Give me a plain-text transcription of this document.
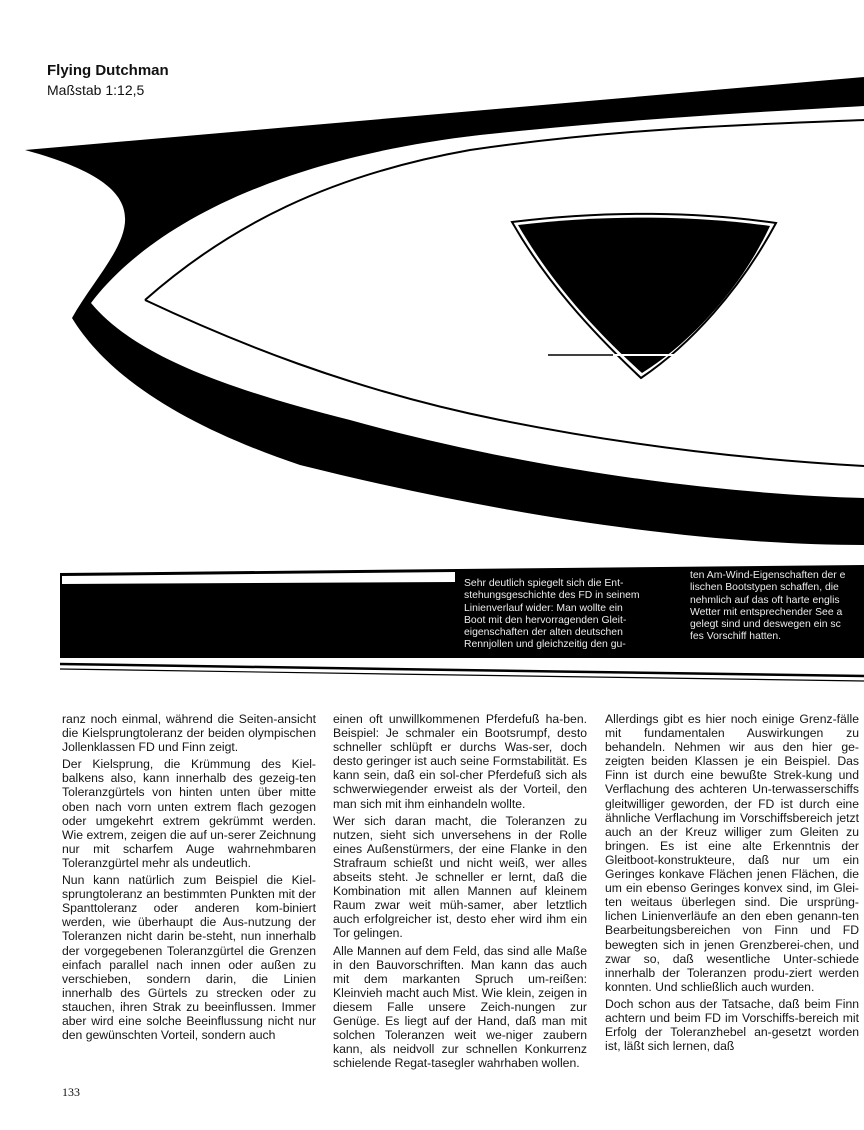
Flying Dutchman
Maßstab 1:12,5
Sehr deutlich spiegelt sich die Ent-
stehungsgeschichte des FD in seinem
Linienverlauf wider: Man wollte ein
Boot mit den hervorragenden Gleit-
eigenschaften der alten deutschen
Rennjollen und gleichzeitig den gu-
ten Am-Wind-Eigenschaften der e
lischen Bootstypen schaffen, die
nehmlich auf das oft harte englis
Wetter mit entsprechender See a
gelegt sind und deswegen ein sc
fes Vorschiff hatten.

ranz noch einmal, während die Seiten-ansicht die Kielsprungtoleranz der beiden olympischen Jollenklassen FD und Finn zeigt.

Der Kielsprung, die Krümmung des Kiel-balkens also, kann innerhalb des gezeig-ten Toleranzgürtels von hinten unten über mitte oben nach vorn unten extrem flach gezogen oder umgekehrt extrem gekrümmt werden. Wie extrem, zeigen die auf un-serer Zeichnung nur mit scharfem Auge wahrnehmbaren Toleranzgürtel mehr als undeutlich.

Nun kann natürlich zum Beispiel die Kiel-sprungtoleranz an bestimmten Punkten mit der Spanttoleranz oder anderen kom-biniert werden, wie überhaupt die Aus-nutzung der Toleranzen nicht darin be-steht, nun innerhalb der vorgegebenen Toleranzgürtel die Grenzen einfach parallel nach innen oder außen zu verschieben, sondern darin, die Linien innerhalb des Gürtels zu strecken oder zu stauchen, ihren Strak zu beeinflussen. Immer aber wird eine solche Beeinflussung nicht nur den gewünschten Vorteil, sondern auch

einen oft unwillkommenen Pferdefuß ha-ben. Beispiel: Je schmaler ein Bootsrumpf, desto schneller schlüpft er durchs Was-ser, doch desto geringer ist auch seine Formstabilität. Es kann sein, daß ein sol-cher Pferdefuß sich als schwerwiegender erweist als der Vorteil, den man sich mit ihm einhandeln wollte.

Wer sich daran macht, die Toleranzen zu nutzen, sieht sich unversehens in der Rolle eines Außenstürmers, der eine Flanke in den Strafraum schießt und nicht weiß, wer alles abseits steht. Je schneller er lernt, daß die Kombination mit allen Mannen auf kleinem Raum zwar weit müh-samer, aber letztlich auch erfolgreicher ist, desto eher wird ihm ein Tor gelingen.

Alle Mannen auf dem Feld, das sind alle Maße in den Bauvorschriften. Man kann das auch mit dem markanten Spruch um-reißen: Kleinvieh macht auch Mist. Wie klein, zeigen in diesem Falle unsere Zeich-nungen zur Genüge. Es liegt auf der Hand, daß man mit solchen Toleranzen weit we-niger zaubern kann, als neidvoll zur schnellen Konkurrenz schielende Regat-tasegler wahrhaben wollen.

Allerdings gibt es hier noch einige Grenz-fälle mit fundamentalen Auswirkungen zu behandeln. Nehmen wir aus den hier ge-zeigten beiden Klassen je ein Beispiel. Das Finn ist durch eine bewußte Strek-kung und Verflachung des achteren Un-terwasserschiffs gleitwilliger geworden, der FD ist durch eine ähnliche Verflachung im Vorschiffsbereich jetzt auch an der Kreuz williger zum Gleiten zu bringen. Es ist eine alte Erkenntnis der Gleitboot-konstrukteure, daß nur um ein Geringes konkave Flächen jenen Flächen, die um ein ebenso Geringes konvex sind, im Glei-ten weitaus überlegen sind. Die ursprüng-lichen Linienverläufe an den eben genann-ten Bearbeitungsbereichen von Finn und FD bewegten sich in jenen Grenzberei-chen, und zwar so, daß wesentliche Unter-schiede innerhalb der Toleranzen produ-ziert werden konnten. Und schließlich auch wurden.

Doch schon aus der Tatsache, daß beim Finn achtern und beim FD im Vorschiffs-bereich mit Erfolg der Toleranzhebel an-gesetzt worden ist, läßt sich lernen, daß

133
